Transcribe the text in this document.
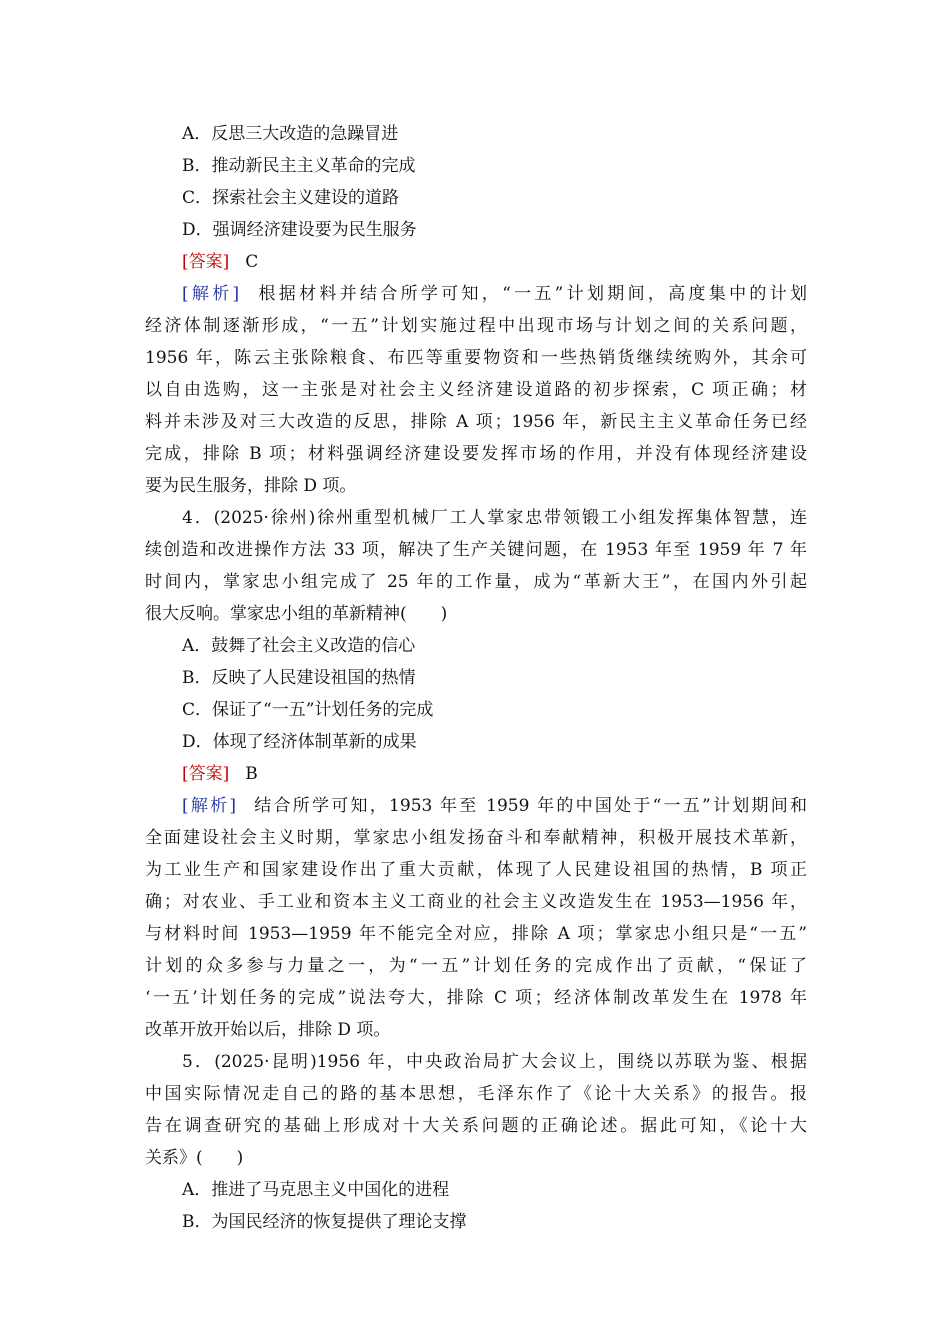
A．反思三大改造的急躁冒进
B．推动新民主主义革命的完成
C．探索社会主义建设的道路
D．强调经济建设要为民生服务
[答案] C
[解析] 根据材料并结合所学可知，“一五”计划期间，高度集中的计划
经济体制逐渐形成，“一五”计划实施过程中出现市场与计划之间的关系问题，
1956 年，陈云主张除粮食、布匹等重要物资和一些热销货继续统购外，其余可
以自由选购，这一主张是对社会主义经济建设道路的初步探索，C 项正确；材
料并未涉及对三大改造的反思，排除 A 项；1956 年，新民主主义革命任务已经
完成，排除 B 项；材料强调经济建设要发挥市场的作用，并没有体现经济建设
要为民生服务，排除 D 项。
4．(2025·徐州)徐州重型机械厂工人掌家忠带领锻工小组发挥集体智慧，连
续创造和改进操作方法 33 项，解决了生产关键问题，在 1953 年至 1959 年 7 年
时间内，掌家忠小组完成了 25 年的工作量，成为“革新大王”，在国内外引起
很大反响。掌家忠小组的革新精神(　　)
A．鼓舞了社会主义改造的信心
B．反映了人民建设祖国的热情
C．保证了“一五”计划任务的完成
D．体现了经济体制革新的成果
[答案] B
[解析] 结合所学可知，1953 年至 1959 年的中国处于“一五”计划期间和
全面建设社会主义时期，掌家忠小组发扬奋斗和奉献精神，积极开展技术革新，
为工业生产和国家建设作出了重大贡献，体现了人民建设祖国的热情，B 项正
确；对农业、手工业和资本主义工商业的社会主义改造发生在 1953—1956 年，
与材料时间 1953—1959 年不能完全对应，排除 A 项；掌家忠小组只是“一五”
计划的众多参与力量之一，为“一五”计划任务的完成作出了贡献，“保证了
‘一五’计划任务的完成”说法夸大，排除 C 项；经济体制改革发生在 1978 年
改革开放开始以后，排除 D 项。
5．(2025·昆明)1956 年，中央政治局扩大会议上，围绕以苏联为鉴、根据
中国实际情况走自己的路的基本思想，毛泽东作了《论十大关系》的报告。报
告在调查研究的基础上形成对十大关系问题的正确论述。据此可知，《论十大
关系》(　　)
A．推进了马克思主义中国化的进程
B．为国民经济的恢复提供了理论支撑
